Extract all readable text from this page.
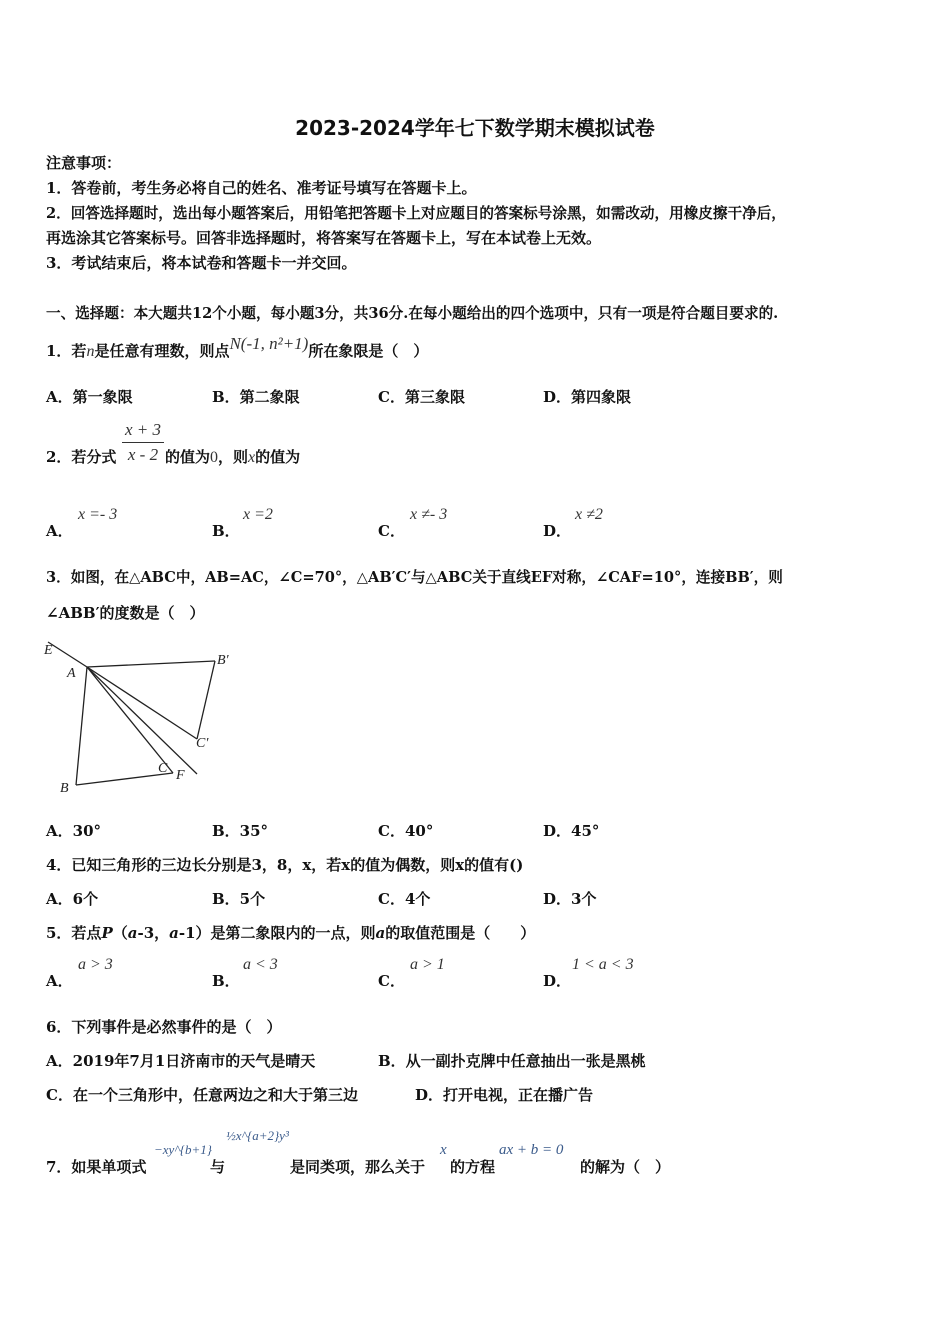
2023-2024学年七下数学期末模拟试卷
注意事项：
1．答卷前，考生务必将自己的姓名、准考证号填写在答题卡上。
2．回答选择题时，选出每小题答案后，用铅笔把答题卡上对应题目的答案标号涂黑，如需改动，用橡皮擦干净后，
再选涂其它答案标号。回答非选择题时，将答案写在答题卡上，写在本试卷上无效。
3．考试结束后，将本试卷和答题卡一并交回。
一、选择题：本大题共12个小题，每小题3分，共36分.在每小题给出的四个选项中，只有一项是符合题目要求的.
1．若n是任意有理数，则点N(-1, n²+1)所在象限是（　）
A．第一象限	B．第二象限	C．第三象限	D．第四象限
2．若分式
x + 3
x - 2 的值为0，则x的值为
A．
x =- 3
B．
x =2
C．
x ≠- 3
D．
x ≠2
3．如图，在△ABC中，AB=AC，∠C=70°，△AB′C′与△ABC关于直线EF对称，∠CAF=10°，连接BB′，则
∠ABB′的度数是（　）
E
A
B′
C′
C F
B
A．30°	B．35°	C．40°	D．45°
4．已知三角形的三边长分别是3，8，x，若x的值为偶数，则x的值有()
A．6个	B．5个	C．4个	D．3个
5．若点P（a-3，a-1）是第二象限内的一点，则a的取值范围是（　　）
A．
a > 3
B．
a < 3
C．
a > 1
D．
1 < a < 3
6．下列事件是必然事件的是（　）
A．2019年7月1日济南市的天气是晴天	B．从一副扑克牌中任意抽出一张是黑桃
C．在一个三角形中，任意两边之和大于第三边	D．打开电视，正在播广告
7．如果单项式
−xy^{b+1}
与
½x^{a+2}y³
是同类项，那么关于
x
的方程
ax + b = 0
的解为（　）
